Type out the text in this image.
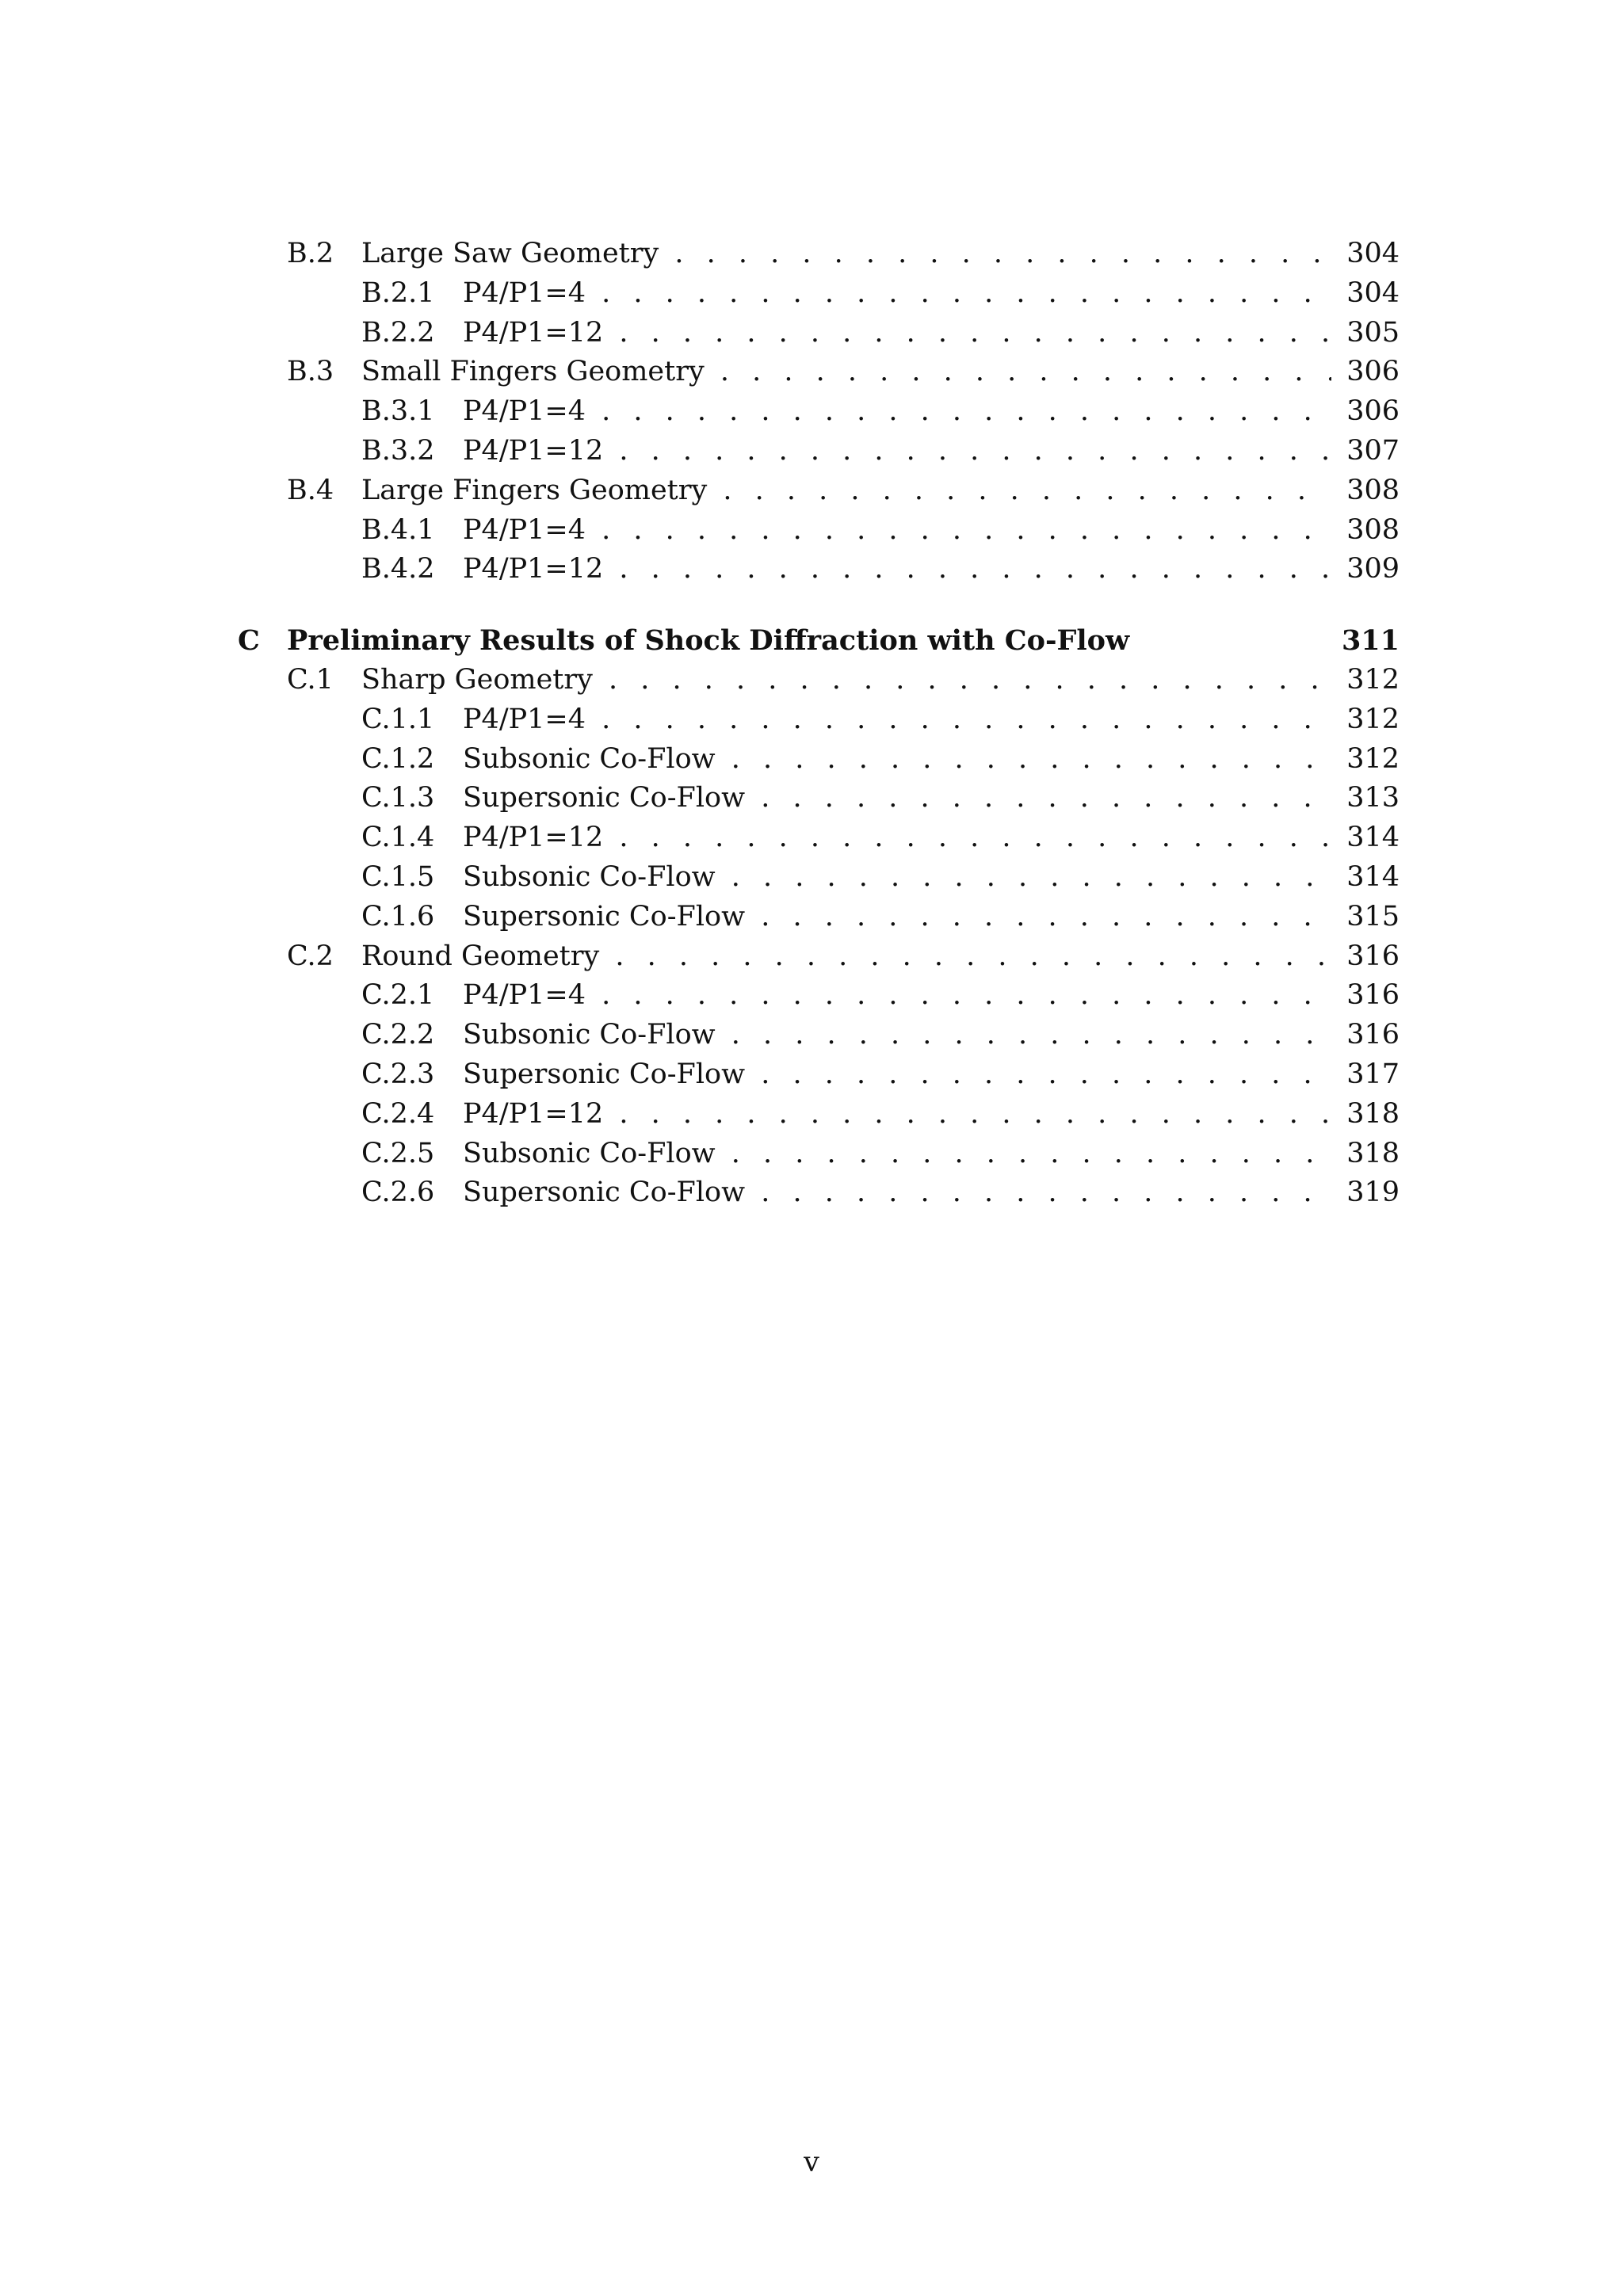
B.2 Large Saw Geometry . . .	304
B.2.1 P4/P1=4 . . .	304
B.2.2 P4/P1=12 . . .	305
B.3 Small Fingers Geometry . . .	306
B.3.1 P4/P1=4 . . .	306
B.3.2 P4/P1=12 . . .	307
B.4 Large Fingers Geometry . . .	308
B.4.1 P4/P1=4 . . .	308
B.4.2 P4/P1=12 . . .	309
C Preliminary Results of Shock Diffraction with Co-Flow	311
C.1 Sharp Geometry . . .	312
C.1.1 P4/P1=4 . . .	312
C.1.2 Subsonic Co-Flow . . .	312
C.1.3 Supersonic Co-Flow . . .	313
C.1.4 P4/P1=12 . . .	314
C.1.5 Subsonic Co-Flow . . .	314
C.1.6 Supersonic Co-Flow . . .	315
C.2 Round Geometry . . .	316
C.2.1 P4/P1=4 . . .	316
C.2.2 Subsonic Co-Flow . . .	316
C.2.3 Supersonic Co-Flow . . .	317
C.2.4 P4/P1=12 . . .	318
C.2.5 Subsonic Co-Flow . . .	318
C.2.6 Supersonic Co-Flow . . .	319
v
